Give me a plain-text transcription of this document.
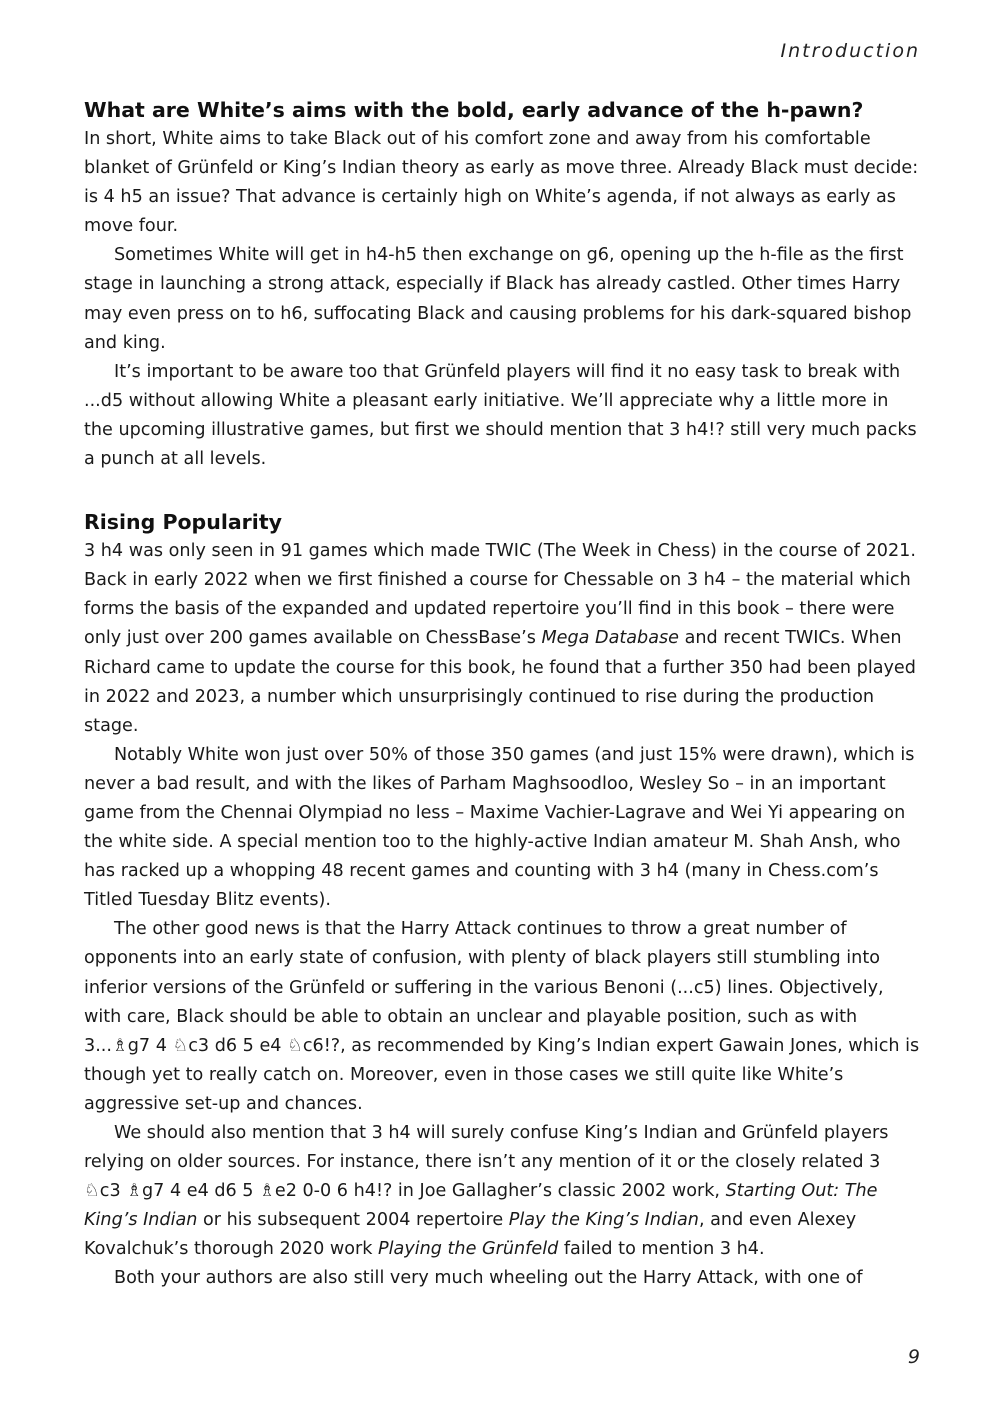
Introduction
What are White’s aims with the bold, early advance of the h-pawn?

In short, White aims to take Black out of his comfort zone and away from his comfortable blanket of Grünfeld or King’s Indian theory as early as move three. Already Black must decide: is 4 h5 an issue? That advance is certainly high on White’s agenda, if not always as early as move four.

Sometimes White will get in h4-h5 then exchange on g6, opening up the h-file as the first stage in launching a strong attack, especially if Black has already castled. Other times Harry may even press on to h6, suffocating Black and causing problems for his dark-squared bishop and king.

It’s important to be aware too that Grünfeld players will find it no easy task to break with ...d5 without allowing White a pleasant early initiative. We’ll appreciate why a little more in the upcoming illustrative games, but first we should mention that 3 h4!? still very much packs a punch at all levels.

Rising Popularity

3 h4 was only seen in 91 games which made TWIC (The Week in Chess) in the course of 2021. Back in early 2022 when we first finished a course for Chessable on 3 h4 – the material which forms the basis of the expanded and updated repertoire you’ll find in this book – there were only just over 200 games available on ChessBase’s Mega Database and recent TWICs. When Richard came to update the course for this book, he found that a further 350 had been played in 2022 and 2023, a number which unsurprisingly continued to rise during the production stage.

Notably White won just over 50% of those 350 games (and just 15% were drawn), which is never a bad result, and with the likes of Parham Maghsoodloo, Wesley So – in an important game from the Chennai Olympiad no less – Maxime Vachier-Lagrave and Wei Yi appearing on the white side. A special mention too to the highly-active Indian amateur M. Shah Ansh, who has racked up a whopping 48 recent games and counting with 3 h4 (many in Chess.com’s Titled Tuesday Blitz events).

The other good news is that the Harry Attack continues to throw a great number of opponents into an early state of confusion, with plenty of black players still stumbling into inferior versions of the Grünfeld or suffering in the various Benoni (...c5) lines. Objectively, with care, Black should be able to obtain an unclear and playable position, such as with 3...♗g7 4 ♘c3 d6 5 e4 ♘c6!?, as recommended by King’s Indian expert Gawain Jones, which is though yet to really catch on. Moreover, even in those cases we still quite like White’s aggressive set-up and chances.

We should also mention that 3 h4 will surely confuse King’s Indian and Grünfeld players relying on older sources. For instance, there isn’t any mention of it or the closely related 3 ♘c3 ♗g7 4 e4 d6 5 ♗e2 0-0 6 h4!? in Joe Gallagher’s classic 2002 work, Starting Out: The King’s Indian or his subsequent 2004 repertoire Play the King’s Indian, and even Alexey Kovalchuk’s thorough 2020 work Playing the Grünfeld failed to mention 3 h4.

Both your authors are also still very much wheeling out the Harry Attack, with one of

9
